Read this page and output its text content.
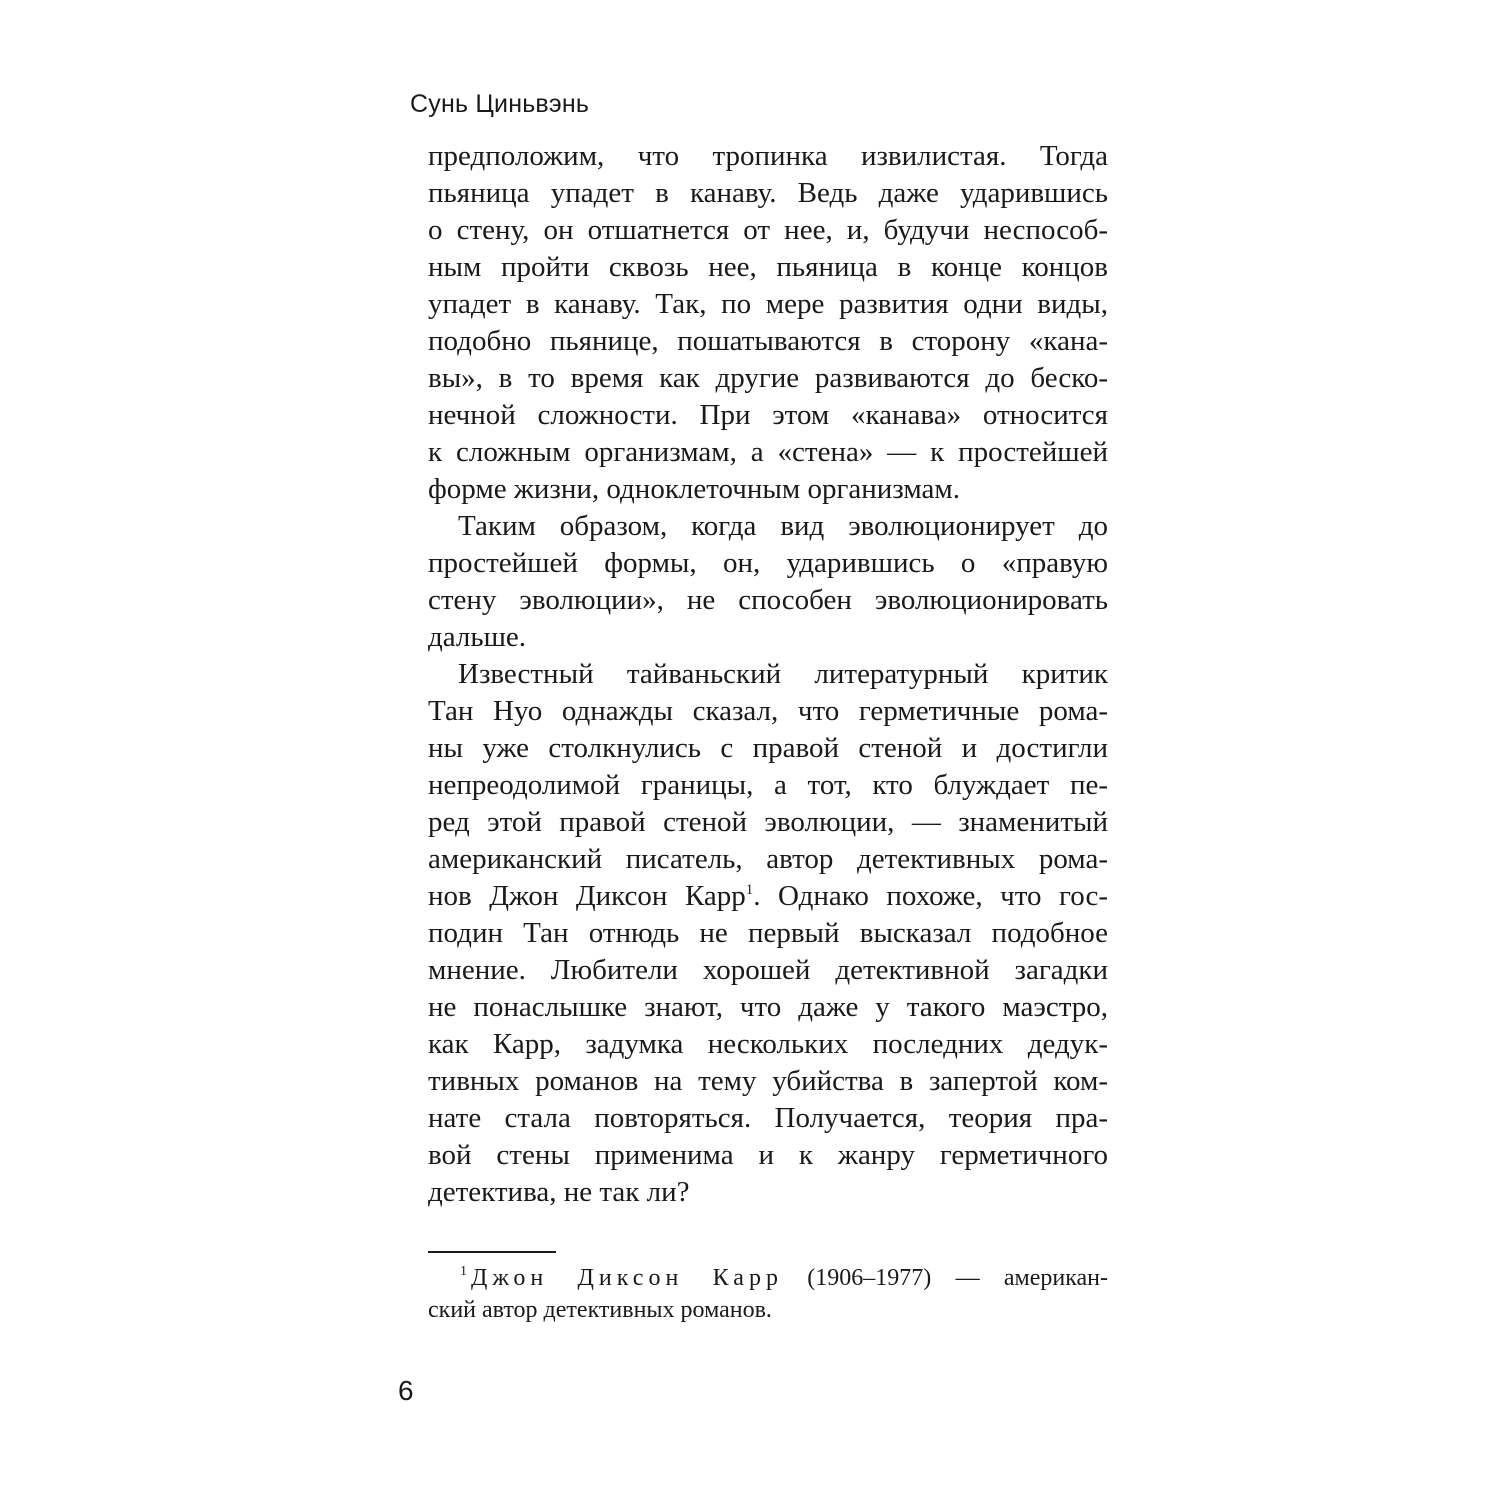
Сунь Циньвэнь
предположим, что тропинка извилистая. Тогда
пьяница упадет в канаву. Ведь даже ударившись
о стену, он отшатнется от нее, и, будучи неспособ-
ным пройти сквозь нее, пьяница в конце концов
упадет в канаву. Так, по мере развития одни виды,
подобно пьянице, пошатываются в сторону «кана-
вы», в то время как другие развиваются до беско-
нечной сложности. При этом «канава» относится
к сложным организмам, а «стена» — к простейшей
форме жизни, одноклеточным организмам.
Таким образом, когда вид эволюционирует до
простейшей формы, он, ударившись о «правую
стену эволюции», не способен эволюционировать
дальше.
Известный тайваньский литературный критик
Тан Нуо однажды сказал, что герметичные рома-
ны уже столкнулись с правой стеной и достигли
непреодолимой границы, а тот, кто блуждает пе-
ред этой правой стеной эволюции, — знаменитый
американский писатель, автор детективных рома-
нов Джон Диксон Карр$^1$. Однако похоже, что гос-
подин Тан отнюдь не первый высказал подобное
мнение. Любители хорошей детективной загадки
не понаслышке знают, что даже у такого маэстро,
как Карр, задумка нескольких последних дедук-
тивных романов на тему убийства в запертой ком-
нате стала повторяться. Получается, теория пра-
вой стены применима и к жанру герметичного
детектива, не так ли?
$^1$ Джон Диксон Карр (1906–1977) — американ-
ский автор детективных романов.
6
